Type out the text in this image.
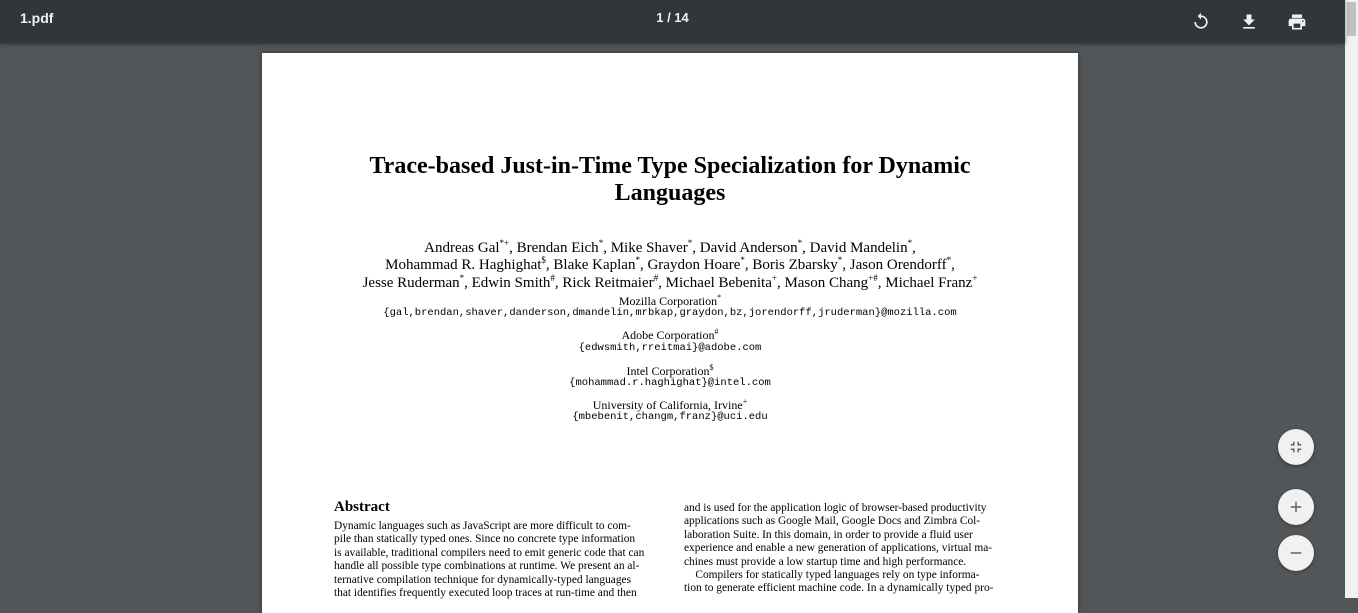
1.pdf	1 / 14
Trace-based Just-in-Time Type Specialization for Dynamic
Languages
Andreas Gal*+, Brendan Eich*, Mike Shaver*, David Anderson*, David Mandelin*,
Mohammad R. Haghighat$, Blake Kaplan*, Graydon Hoare*, Boris Zbarsky*, Jason Orendorff*,
Jesse Ruderman*, Edwin Smith#, Rick Reitmaier#, Michael Bebenita+, Mason Chang+#, Michael Franz+
Mozilla Corporation*
{gal,brendan,shaver,danderson,dmandelin,mrbkap,graydon,bz,jorendorff,jruderman}@mozilla.com
Adobe Corporation#
{edwsmith,rreitmai}@adobe.com
Intel Corporation$
{mohammad.r.haghighat}@intel.com
University of California, Irvine+
{mbebenit,changm,franz}@uci.edu
Abstract
Dynamic languages such as JavaScript are more difficult to com-
pile than statically typed ones. Since no concrete type information
is available, traditional compilers need to emit generic code that can
handle all possible type combinations at runtime. We present an al-
ternative compilation technique for dynamically-typed languages
that identifies frequently executed loop traces at run-time and then
and is used for the application logic of browser-based productivity
applications such as Google Mail, Google Docs and Zimbra Col-
laboration Suite. In this domain, in order to provide a fluid user
experience and enable a new generation of applications, virtual ma-
chines must provide a low startup time and high performance.
Compilers for statically typed languages rely on type informa-
tion to generate efficient machine code. In a dynamically typed pro-
